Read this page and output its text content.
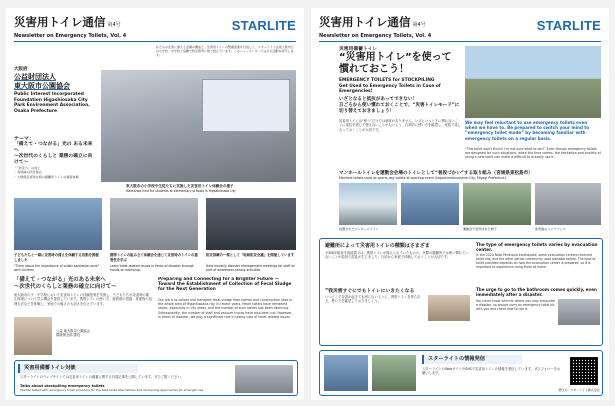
災害用トイレ通信 第4号
Newsletter on Emergency Toilets, Vol. 4
STARLITE
私たちの災害に備える意識の醸成と、災害用トイレの整備促進を目指して、スターライトは東大阪市立の小学校・中学校と協働で防災教育に取り組んでいます。このニュースレターではその活動を紹介します。
大阪府
公益財団法人
東大阪市公園協会
Public Interest Incorporated Foundation Higashiosaka City Park Environment Association, Osaka Prefecture
テーマ：
「備えて・つながる」光の ある未来へ
〜次世代のくらしと 業務の確立に向けて〜
・「防災力」の向上
・各地域の防災拠点
・大規模災害発生時の避難所トイレの確保体制
東大阪市の小学校や生徒たちに実施した災害用トイレ体験会の様子
Workshop held for students at elementary schools in Higashiosaka city
子どもたちと一緒に災害時の備えを体験する活動を開催しました
“Think about the importance of public sanitation work” with children
携帯トイレの組み立て体験会を通じて災害時のトイレの重要性を学ぶ
Learn toilet-related issues in times of disaster through hands-on workshop
防災訓練の一環として「地域防災会議」を開催しています
Held monthly disaster management meetings for staff as part of awareness-raising activities
「備えて・つながる」光のある未来へ
〜次世代のくらしと業務の確立に向けて〜
東大阪市の小・中学校において災害用トイレの体験授業を実施し、子どもたちが災害時の衛生環境について学ぶ機会を提供しています。携帯トイレの使い方、凝固剤の役割、排泄物の処理方法などを体験し、家庭での備えの大切さを伝えています。
公益 東大阪市公園協会
環境保全部 課長
Preparing and Connecting for a Brighter Future — Toward the Establishment of Collection of Fecal Sludge for the Next Generation
Our job is to collect and transport fecal sludge from homes and construction sites in the whole area of Higashiosaka city. In recent years, fewer toilets have remained septic, especially in city areas, and the number of such toilets has been declining. Subsequently, the number of staff and vacuum trucks have also been cut. However, in times of disaster, we play a significant role in taking care of toilet-related issues.
災害用備蓄トイレ対談
スターライトのウェブサイトでは災害用トイレの備蓄に関する対談記事を公開しています。ぜひご覧ください。
Talks about stockpiling emergency toilets
Starlite talked with emergency toilet providers for the best toilet alternatives and stockpiling approaches for emergencies.
災害用トイレ通信 第4号
Newsletter on Emergency Toilets, Vol. 4
STARLITE
災害用備蓄トイレ
“災害用トイレ”を使って
慣れておこう！
EMERGENCY TOILETS for STOCKPILING
Get Used to Emergency Toilets in Case of Emergencies!
いざとなると抵抗があってできない！
日ごろから使い慣れておくことで、“災害トイレモード”に
切り替えておきましょう！
災害用トイレは“使う”だけでは意味がありません。いざというときに慣れないことに抵抗を感じて使えないことがないよう、日常的に使い方を確認し、家族で話し合っておくことが大切です。
We may feel reluctant to use emergency toilets even when we have to. Be prepared to switch your mind to “emergency toilet mode” by becoming familiar with emergency toilets on a regular basis.
“This toilet won't flush!! I'm not sure what to do!!” Even though emergency toilets are designed for such situations, when the time comes, the hesitation and anxiety of using a new toilet can make it difficult to actually use it.
マンホールトイレを運動会会場のトイレとして“普段づかい”する取り組み（宮城県東松島市）
Manhole toilets used as sports-day toilets at sporting event (Higashimatsushima City, Miyagi Prefecture)
設置されたマンホールトイレ	運動会で使用された様子	使用後のメンテナンス
避難所によって災害用トイレの種類はさまざま
令和6年能登半島地震では、携帯トイレが備えられていたものの、実際の避難所では使い慣れていないことが原因で混乱が生じました。日頃から家庭で体験しておくことが大切です。
“我災害すぐにでもトイレにいきたくなる
いつどこで災害が起きても困らないように、携帯トイレを持ち歩き、使い方を確認しておきましょう。
The type of emergency toilets varies by evacuation center.
In the 2024 Noto Peninsula Earthquake, some evacuation centers received toilet kits, and the other partial community used portable toilets. The type of toilet provided depends on how the evacuation center is prepared, so it is important to experience using them at home.
The urge to go to the bathroom comes quickly, even immediately after a disaster.
You never know when or where you may encounter a disaster, so always carry an emergency toilet kit with you and check how to use it.
スターライトの情報発信
スターライトのWebサイトやSNSで災害用トイレの情報を発信しています。ぜひフォローをお願いします。
発行元：スターライト株式会社
